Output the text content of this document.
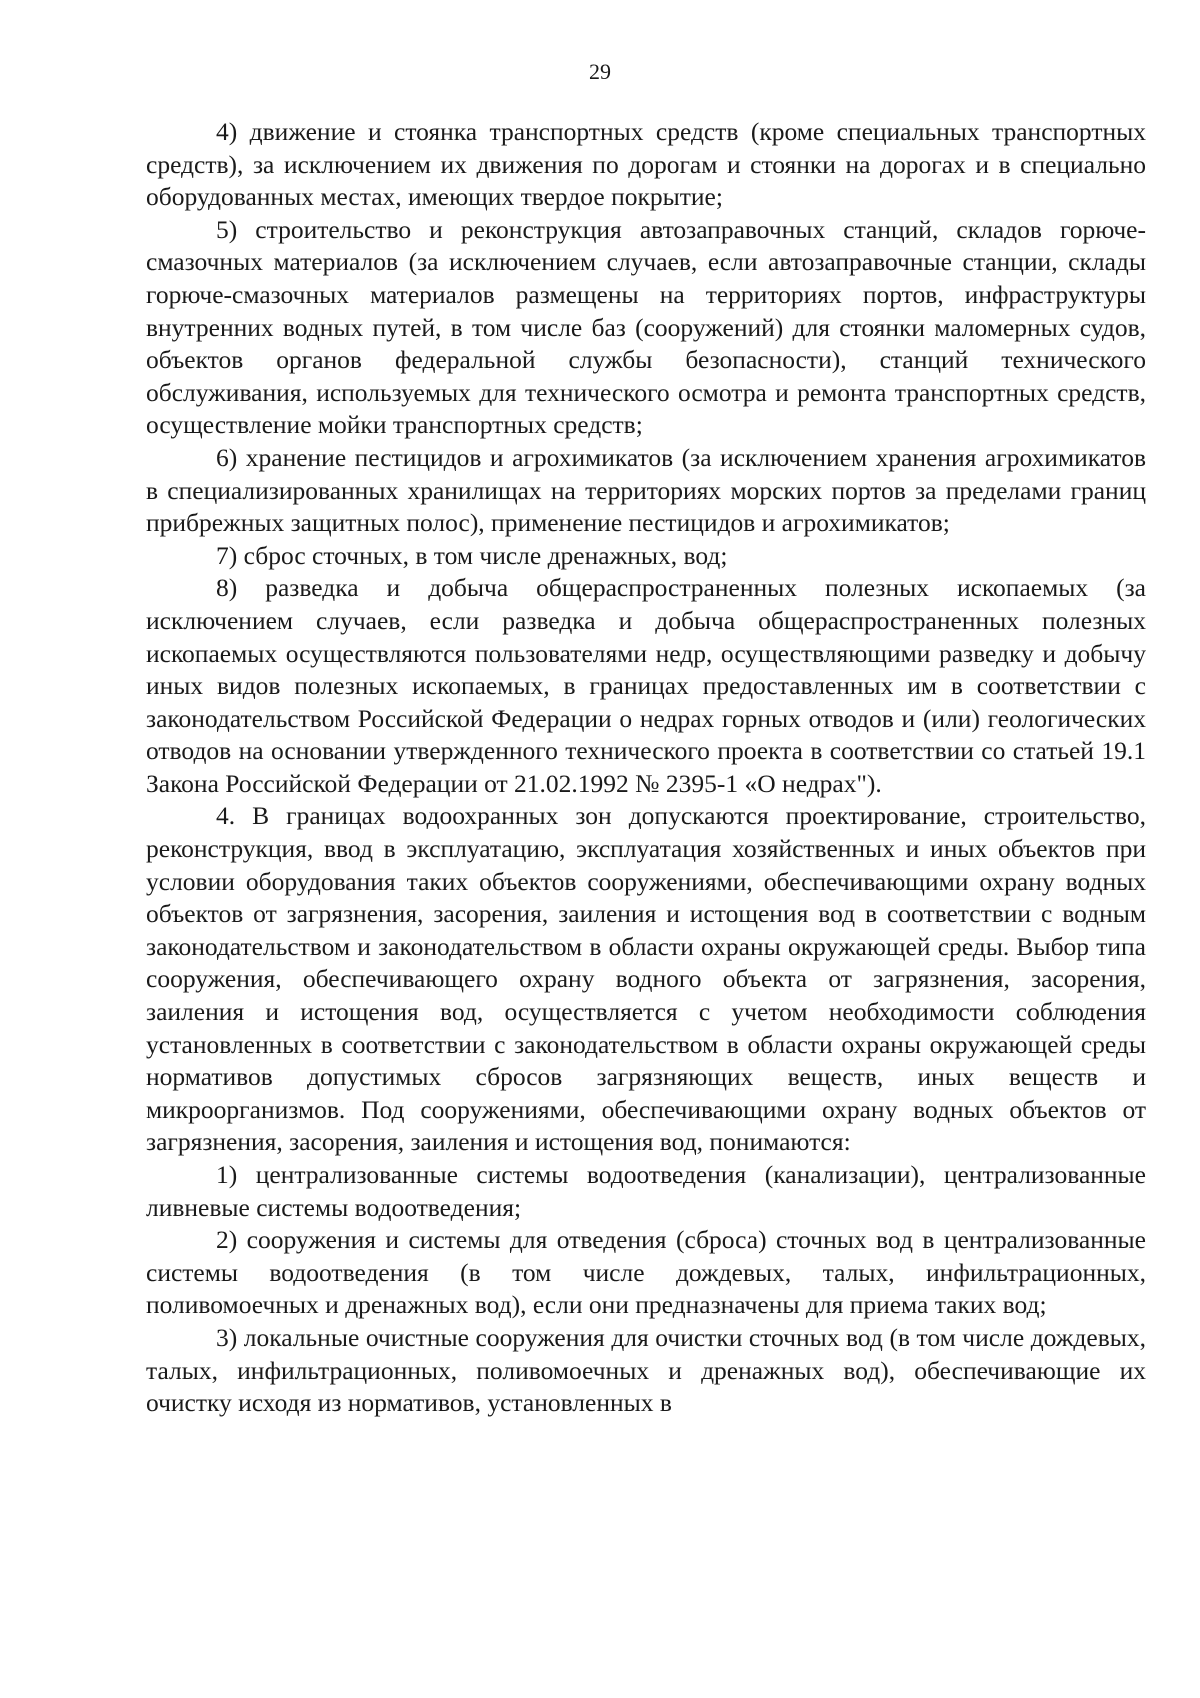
29

4) движение и стоянка транспортных средств (кроме специальных транспортных средств), за исключением их движения по дорогам и стоянки на дорогах и в специально оборудованных местах, имеющих твердое покрытие;

5) строительство и реконструкция автозаправочных станций, складов горюче-смазочных материалов (за исключением случаев, если автозаправочные станции, склады горюче-смазочных материалов размещены на территориях портов, инфраструктуры внутренних водных путей, в том числе баз (сооружений) для стоянки маломерных судов, объектов органов федеральной службы безопасности), станций технического обслуживания, используемых для технического осмотра и ремонта транспортных средств, осуществление мойки транспортных средств;

6) хранение пестицидов и агрохимикатов (за исключением хранения агрохимикатов в специализированных хранилищах на территориях морских портов за пределами границ прибрежных защитных полос), применение пестицидов и агрохимикатов;

7) сброс сточных, в том числе дренажных, вод;

8) разведка и добыча общераспространенных полезных ископаемых (за исключением случаев, если разведка и добыча общераспространенных полезных ископаемых осуществляются пользователями недр, осуществляющими разведку и добычу иных видов полезных ископаемых, в границах предоставленных им в соответствии с законодательством Российской Федерации о недрах горных отводов и (или) геологических отводов на основании утвержденного технического проекта в соответствии со статьей 19.1 Закона Российской Федерации от 21.02.1992 № 2395-1 «О недрах").

4. В границах водоохранных зон допускаются проектирование, строительство, реконструкция, ввод в эксплуатацию, эксплуатация хозяйственных и иных объектов при условии оборудования таких объектов сооружениями, обеспечивающими охрану водных объектов от загрязнения, засорения, заиления и истощения вод в соответствии с водным законодательством и законодательством в области охраны окружающей среды. Выбор типа сооружения, обеспечивающего охрану водного объекта от загрязнения, засорения, заиления и истощения вод, осуществляется с учетом необходимости соблюдения установленных в соответствии с законодательством в области охраны окружающей среды нормативов допустимых сбросов загрязняющих веществ, иных веществ и микроорганизмов. Под сооружениями, обеспечивающими охрану водных объектов от загрязнения, засорения, заиления и истощения вод, понимаются:

1) централизованные системы водоотведения (канализации), централизованные ливневые системы водоотведения;

2) сооружения и системы для отведения (сброса) сточных вод в централизованные системы водоотведения (в том числе дождевых, талых, инфильтрационных, поливомоечных и дренажных вод), если они предназначены для приема таких вод;

3) локальные очистные сооружения для очистки сточных вод (в том числе дождевых, талых, инфильтрационных, поливомоечных и дренажных вод), обеспечивающие их очистку исходя из нормативов, установленных в
